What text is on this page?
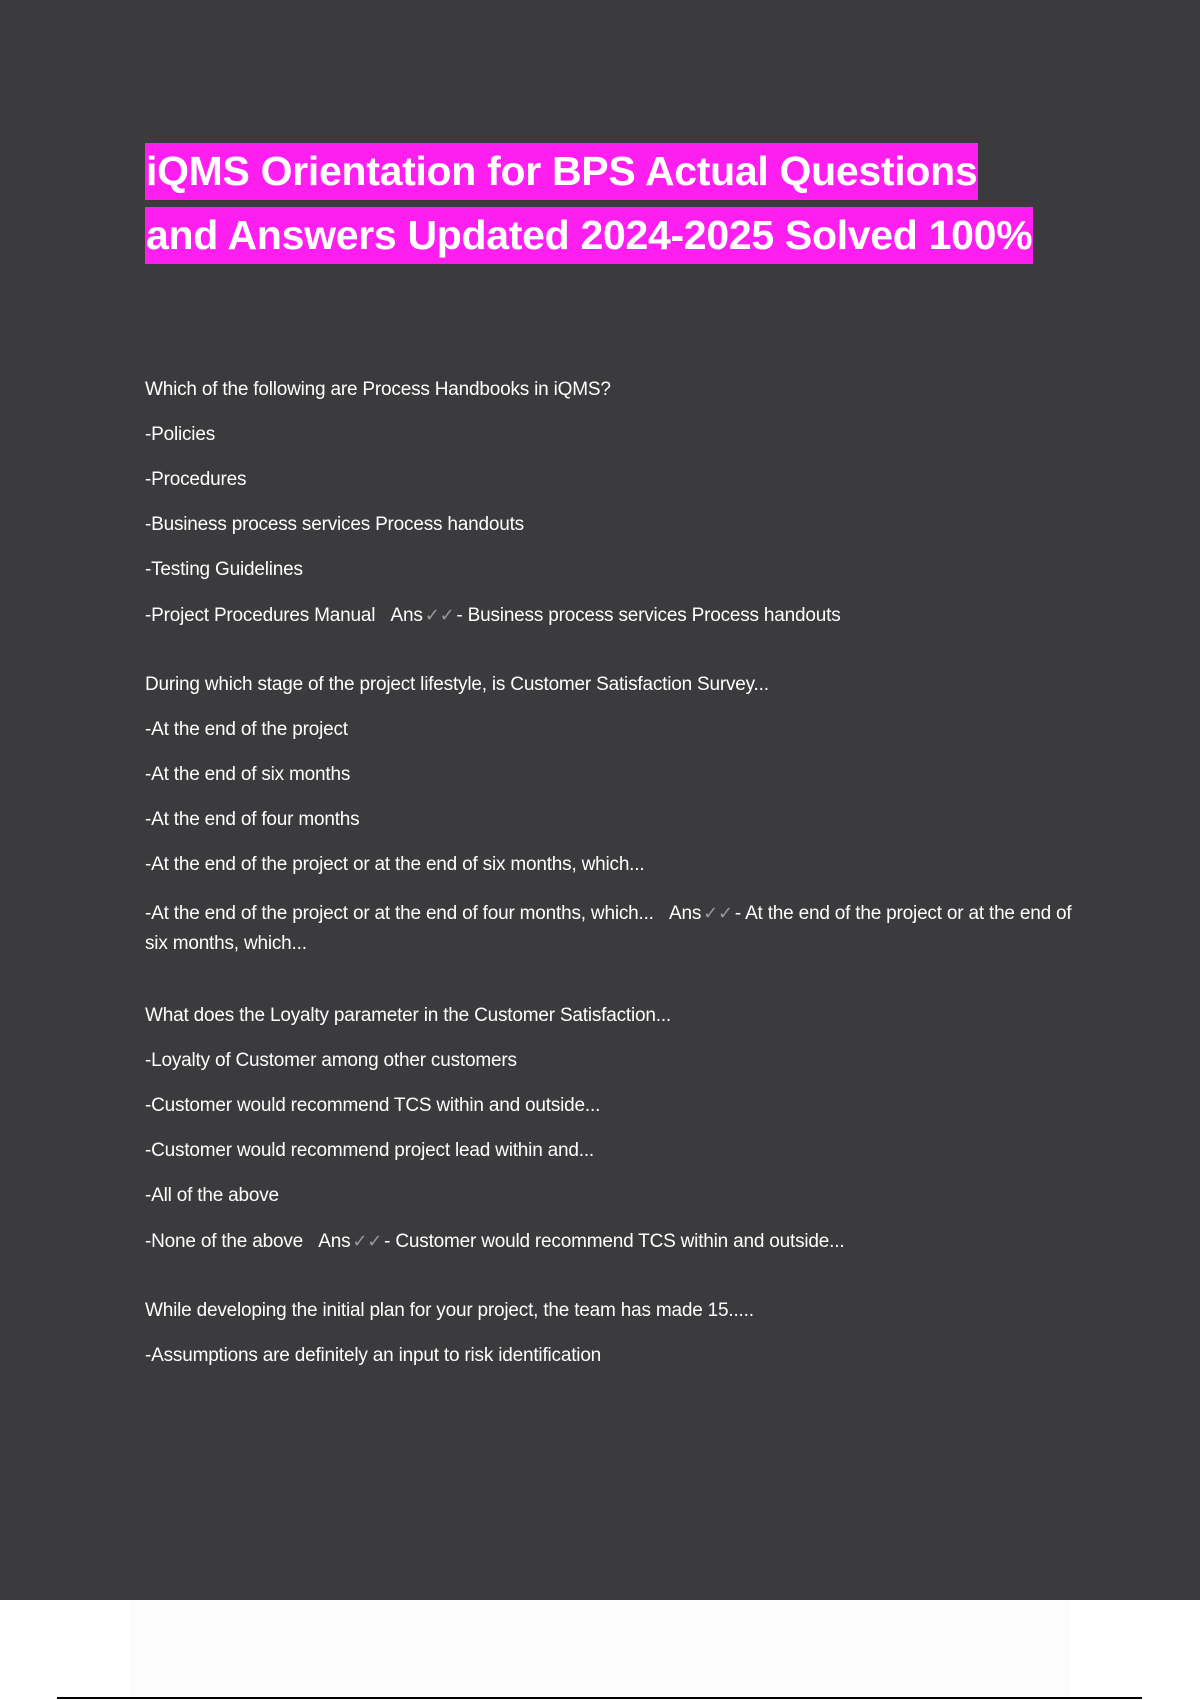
iQMS Orientation for BPS Actual Questions
and Answers Updated 2024-2025 Solved 100%
Which of the following are Process Handbooks in iQMS?
-Policies
-Procedures
-Business process services Process handouts
-Testing Guidelines
-Project Procedures Manual Ans ✓✓ - Business process services Process handouts
During which stage of the project lifestyle, is Customer Satisfaction Survey...
-At the end of the project
-At the end of six months
-At the end of four months
-At the end of the project or at the end of six months, which...
-At the end of the project or at the end of four months, which... Ans ✓✓ - At the end of the project or at the end of six months, which...
What does the Loyalty parameter in the Customer Satisfaction...
-Loyalty of Customer among other customers
-Customer would recommend TCS within and outside...
-Customer would recommend project lead within and...
-All of the above
-None of the above Ans ✓✓ - Customer would recommend TCS within and outside...
While developing the initial plan for your project, the team has made 15.....
-Assumptions are definitely an input to risk identification
